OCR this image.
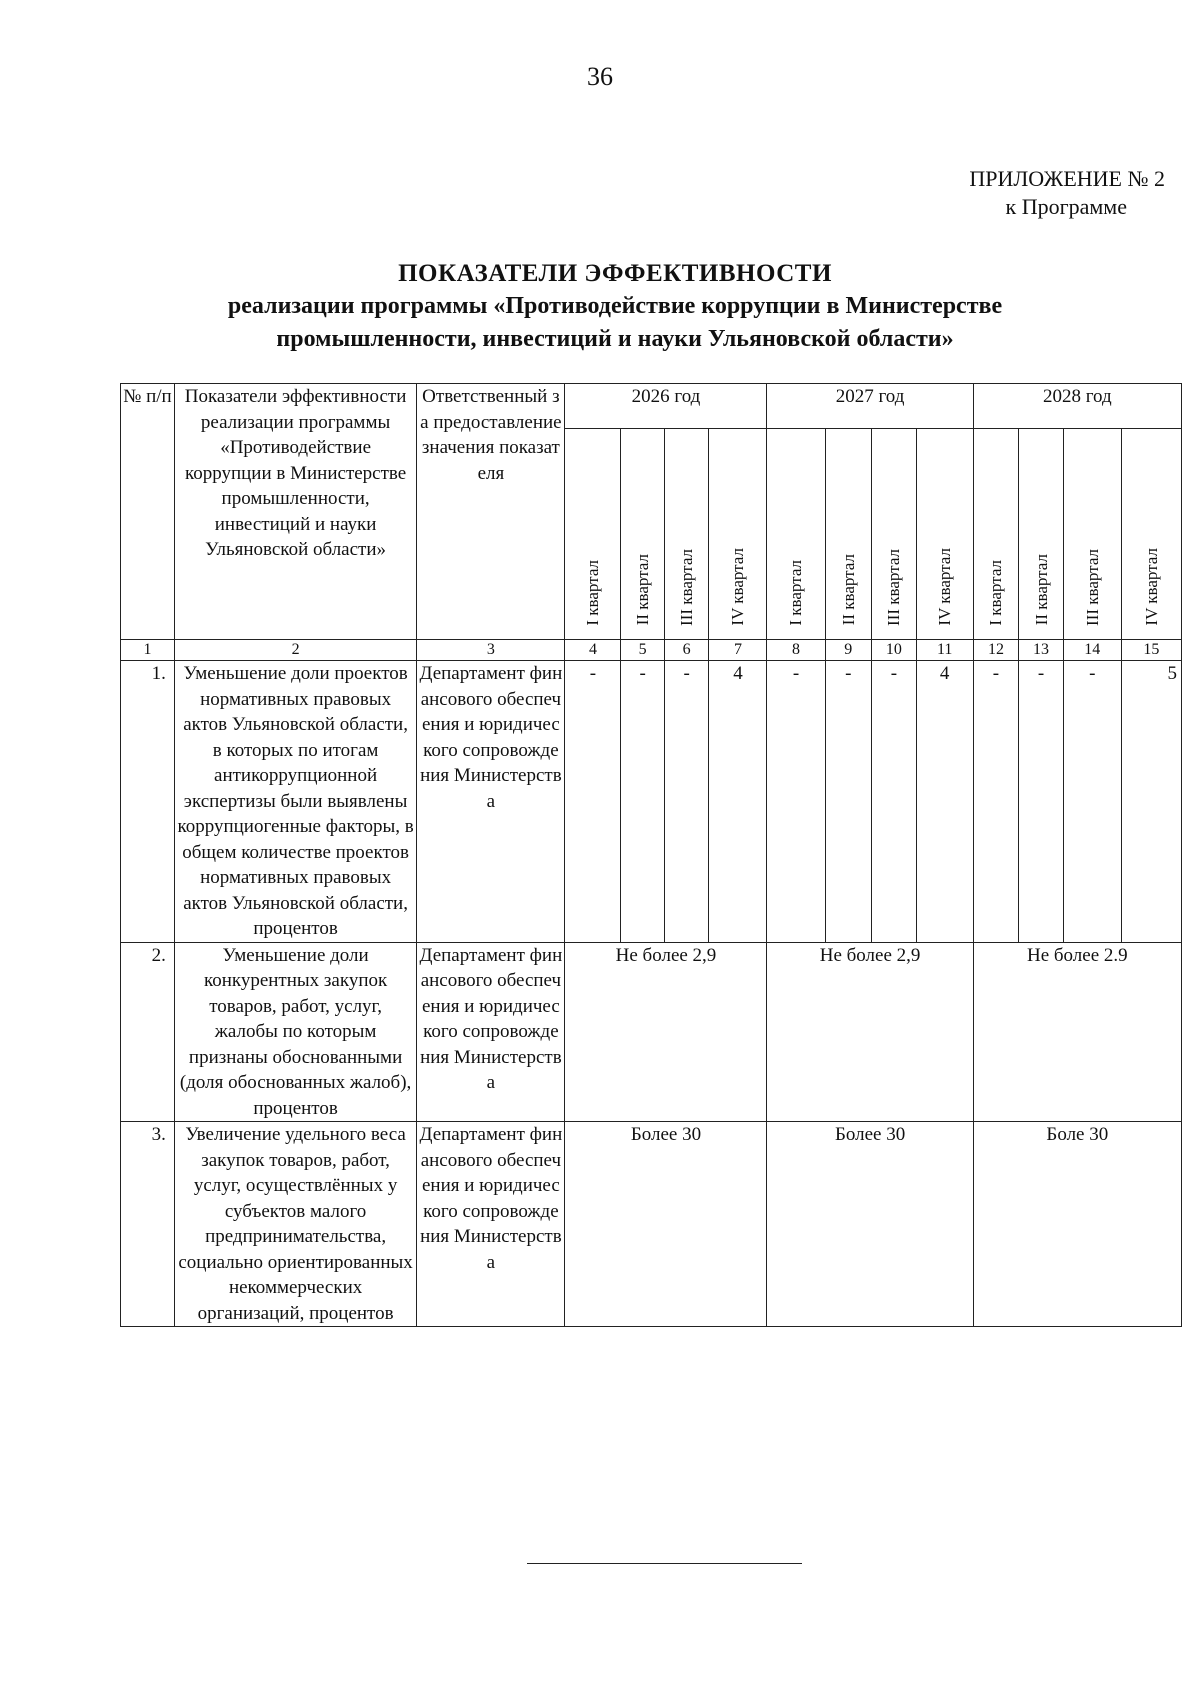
36
ПРИЛОЖЕНИЕ № 2
к Программе
ПОКАЗАТЕЛИ ЭФФЕКТИВНОСТИ
реализации программы «Противодействие коррупции в Министерстве
промышленности, инвестиций и науки Ульяновской области»
№ п/п	Показатели эффективности реализации программы «Противодействие коррупции в Министерстве промышленности, инвестиций и науки Ульяновской области»	Ответственный за предоставление значения показателя	2026 год				2027 год				2028 год			
			I квартал	II квартал	III квартал	IV квартал	I квартал	II квартал	III квартал	IV квартал	I квартал	II квартал	III квартал	IV квартал
1	2	3	4	5	6	7	8	9	10	11	12	13	14	15
1.	Уменьшение доли проектов нормативных правовых актов Ульяновской области, в которых по итогам антикоррупционной экспертизы были выявлены коррупциогенные факторы, в общем количестве проектов нормативных правовых актов Ульяновской области, процентов	Департамент финансового обеспечения и юридического сопровождения Министерства	-	-	-	4	-	-	-	4	-	-	-	5
2.	Уменьшение доли конкурентных закупок товаров, работ, услуг, жалобы по которым признаны обоснованными (доля обоснованных жалоб), процентов	Департамент финансового обеспечения и юридического сопровождения Министерства	Не более 2,9				Не более 2,9				Не более 2.9			
3.	Увеличение удельного веса закупок товаров, работ, услуг, осуществлённых у субъектов малого предпринимательства, социально ориентированных некоммерческих организаций, процентов	Департамент финансового обеспечения и юридического сопровождения Министерства	Более 30				Более 30				Боле 30			
